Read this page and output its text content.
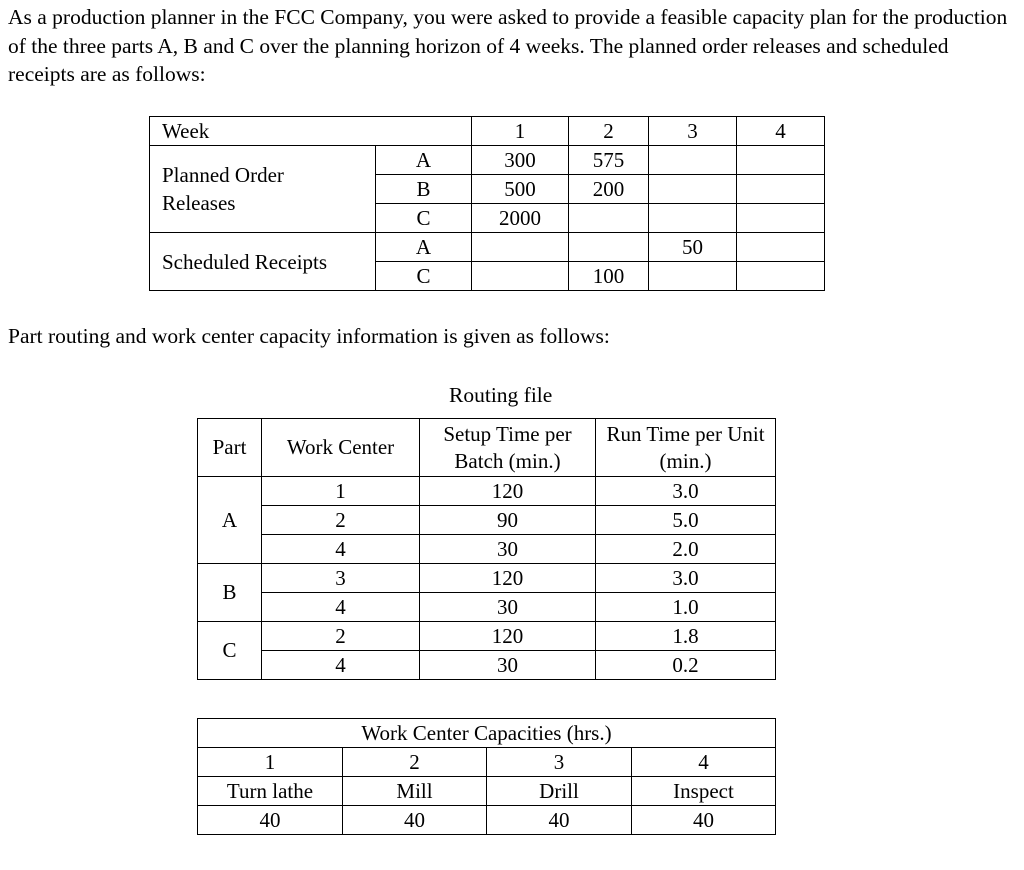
As a production planner in the FCC Company, you were asked to provide a feasible capacity plan for the production of the three parts A, B and C over the planning horizon of 4 weeks. The planned order releases and scheduled receipts are as follows:

Week		1	2	3	4

Planned Order Releases	A	300	575		
	B	500	200		
	C	2000			
Scheduled Receipts	A			50	
	C		100		

Part routing and work center capacity information is given as follows:

Routing file
Part	Work Center	Setup Time per Batch (min.)	Run Time per Unit (min.)
A	1	120	3.0
	2	90	5.0
	4	30	2.0
B	3	120	3.0
	4	30	1.0
C	2	120	1.8
	4	30	0.2
Work Center Capacities (hrs.)			
1	2	3	4
Turn lathe	Mill	Drill	Inspect
40	40	40	40
